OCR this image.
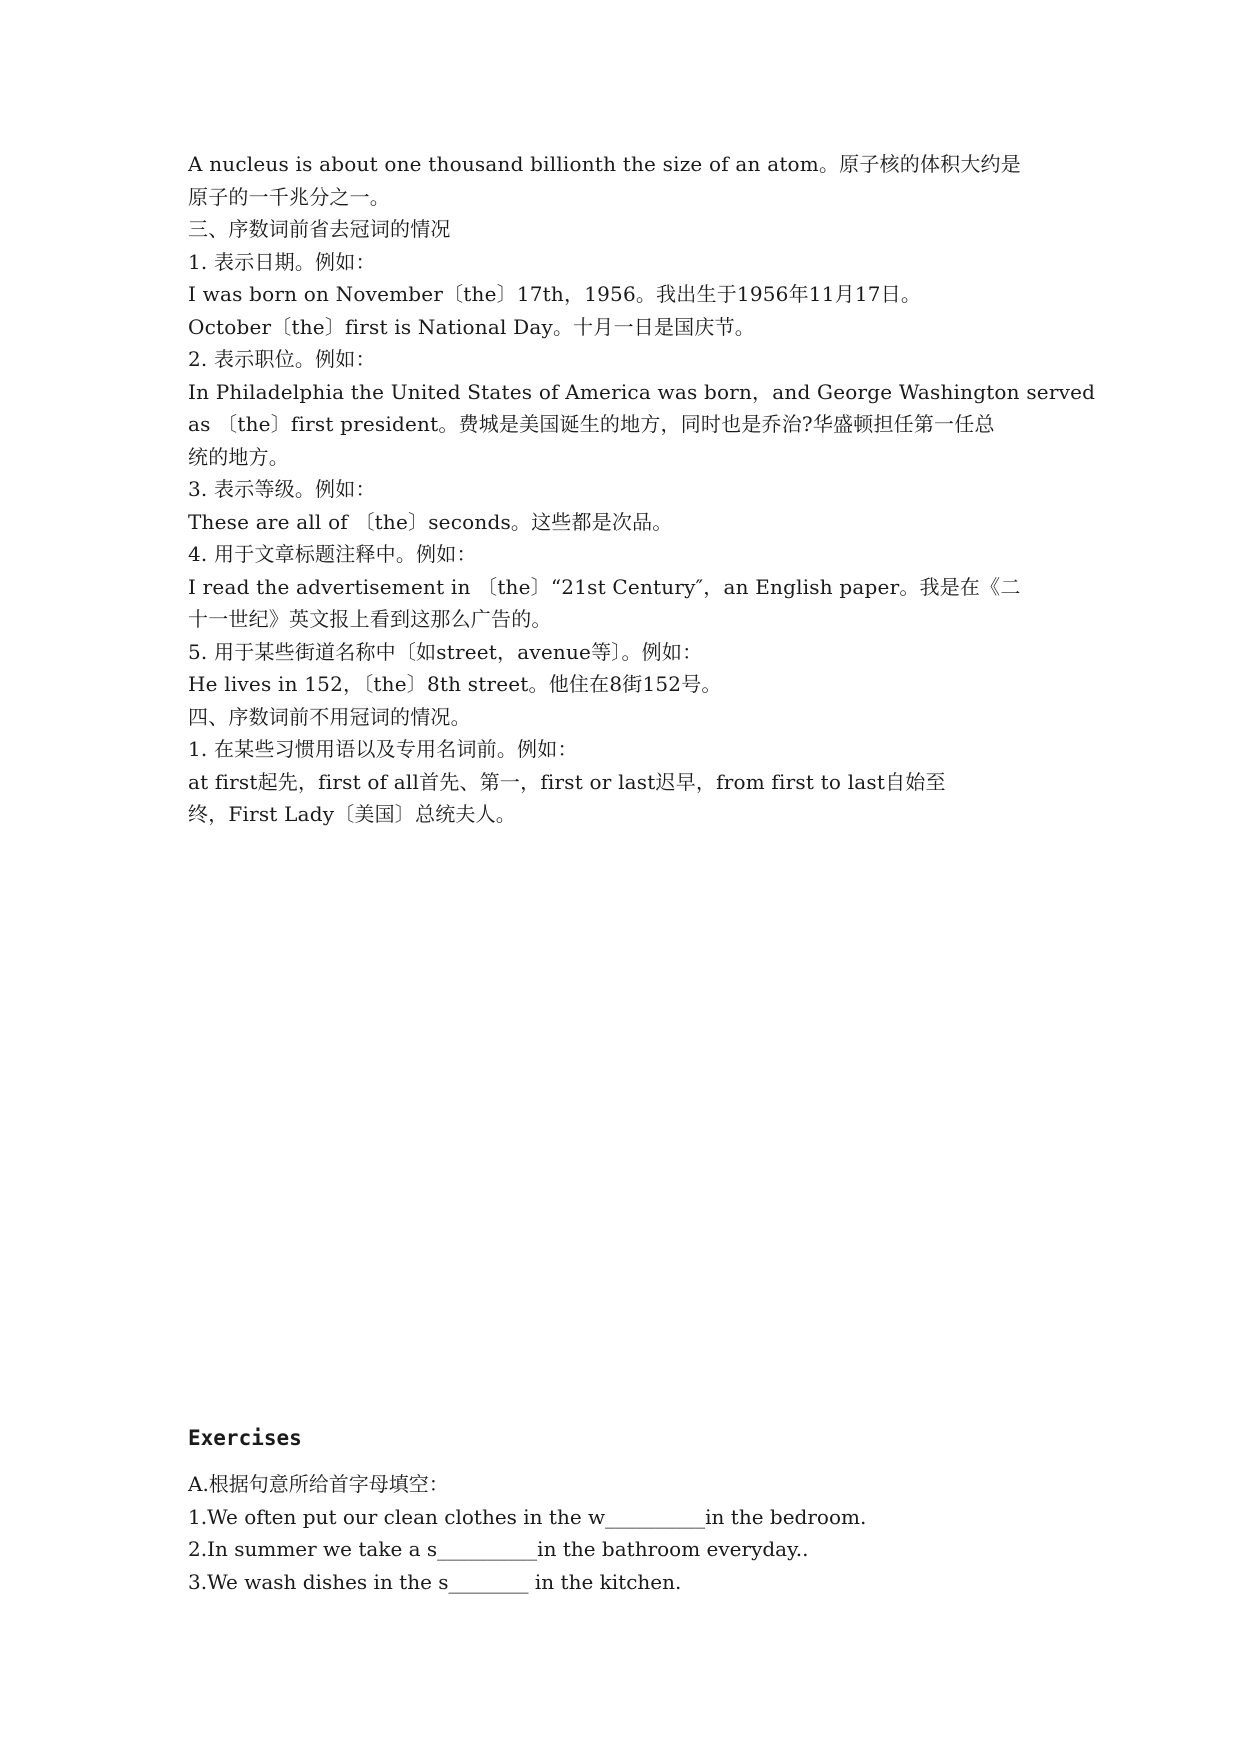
A nucleus is about one thousand billionth the size of an atom。原子核的体积大约是
原子的一千兆分之一。
三、序数词前省去冠词的情况
1. 表示日期。例如：
I was born on November〔the〕17th，1956。我出生于1956年11月17日。
October〔the〕first is National Day。十月一日是国庆节。
2. 表示职位。例如：
In Philadelphia the United States of America was born，and George Washington served
as 〔the〕first president。费城是美国诞生的地方，同时也是乔治?华盛顿担任第一任总
统的地方。
3. 表示等级。例如：
These are all of 〔the〕seconds。这些都是次品。
4. 用于文章标题注释中。例如：
I read the advertisement in 〔the〕“21st Century″，an English paper。我是在《二
十一世纪》英文报上看到这那么广告的。
5. 用于某些街道名称中〔如street，avenue等〕。例如：
He lives in 152，〔the〕8th street。他住在8街152号。
四、序数词前不用冠词的情况。
1. 在某些习惯用语以及专用名词前。例如：
at first起先，first of all首先、第一，first or last迟早，from first to last自始至
终，First Lady〔美国〕总统夫人。
Exercises
A.根据句意所给首字母填空：
1.We often put our clean clothes in the w__________in the bedroom.
2.In summer we take a s__________in the bathroom everyday..
3.We wash dishes in the s________ in the kitchen.
